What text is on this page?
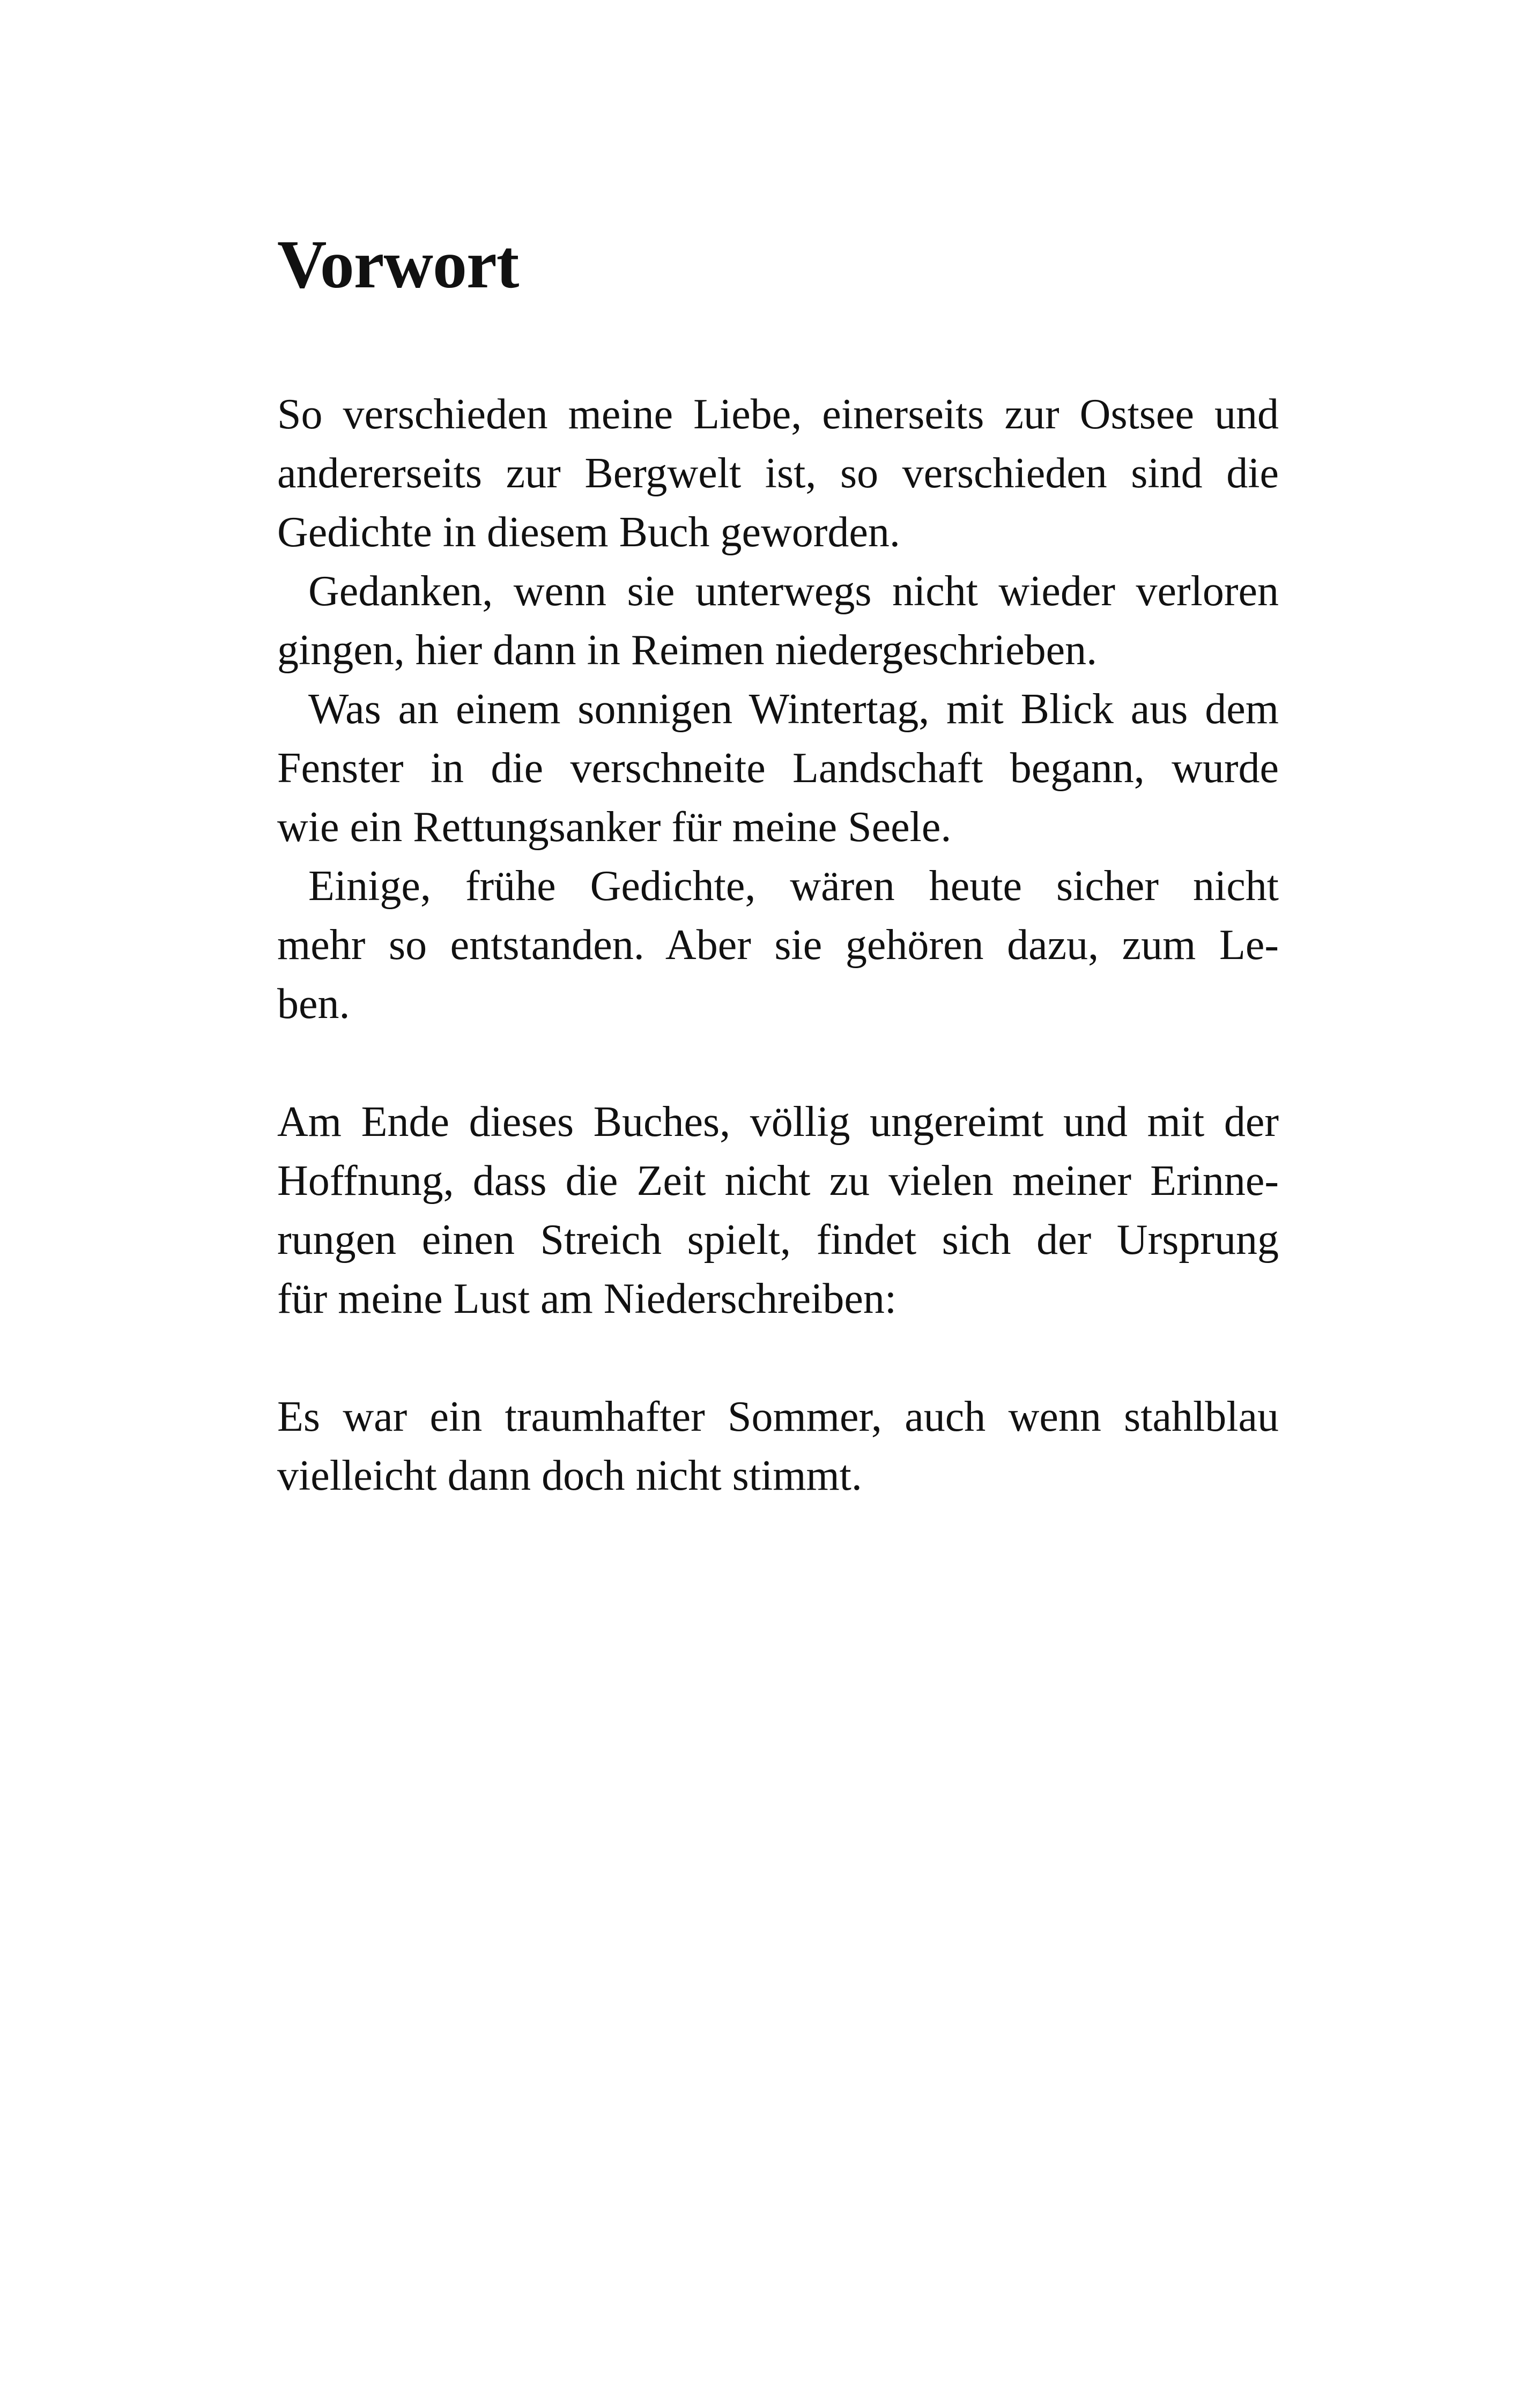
Vorwort

So verschieden meine Liebe, einerseits zur Ostsee und
andererseits zur Bergwelt ist, so verschieden sind die
Gedichte in diesem Buch geworden.

Gedanken, wenn sie unterwegs nicht wieder verloren
gingen, hier dann in Reimen niedergeschrieben.

Was an einem sonnigen Wintertag, mit Blick aus dem
Fenster in die verschneite Landschaft begann, wurde
wie ein Rettungsanker für meine Seele.

Einige, frühe Gedichte, wären heute sicher nicht
mehr so entstanden. Aber sie gehören dazu, zum Le-
ben.

Am Ende dieses Buches, völlig ungereimt und mit der
Hoffnung, dass die Zeit nicht zu vielen meiner Erinne-
rungen einen Streich spielt, findet sich der Ursprung
für meine Lust am Niederschreiben:

Es war ein traumhafter Sommer, auch wenn stahlblau
vielleicht dann doch nicht stimmt.
